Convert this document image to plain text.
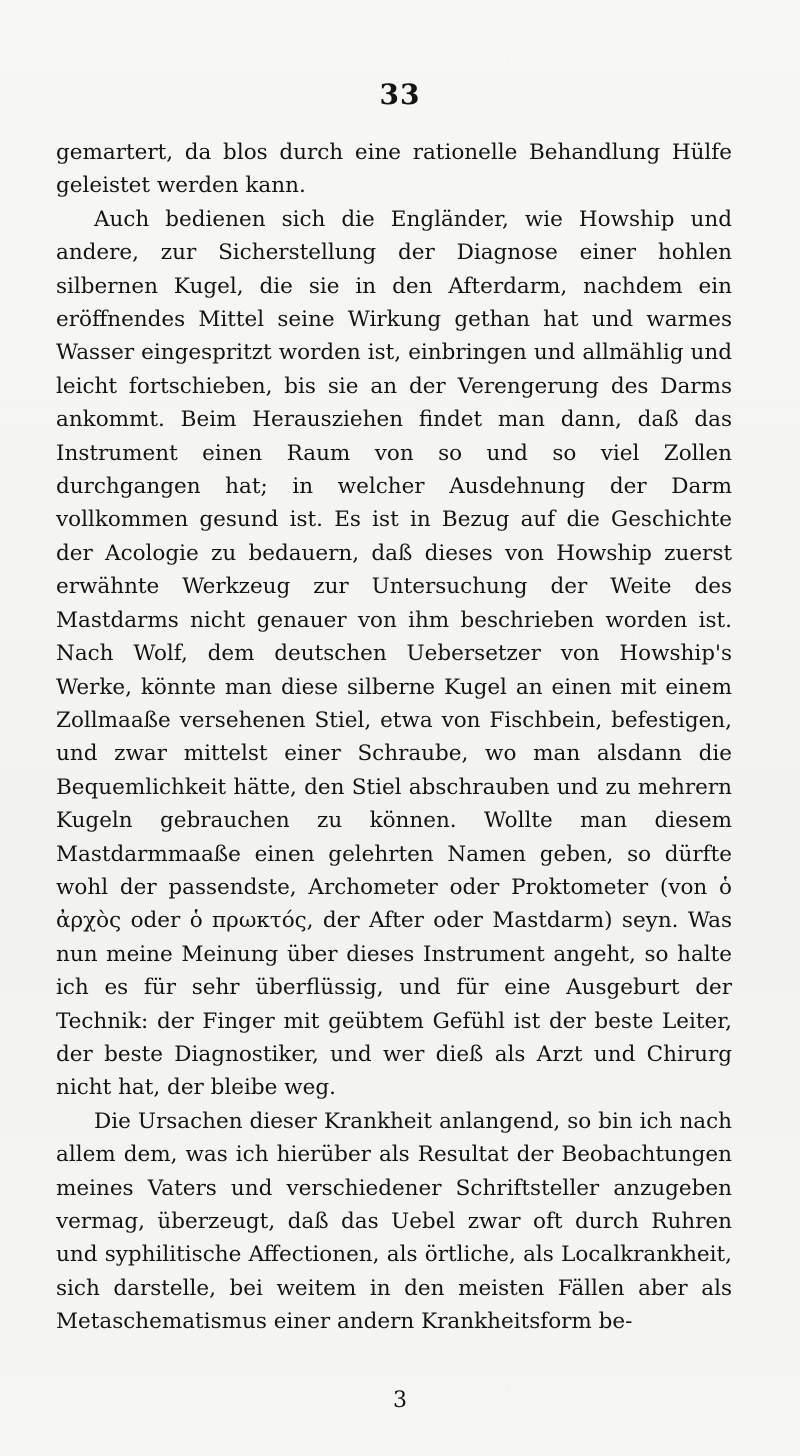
33

gemartert, da blos durch eine rationelle Behandlung Hülfe geleistet werden kann.

Auch bedienen sich die Engländer, wie Howship und andere, zur Sicherstellung der Diagnose einer hohlen silbernen Kugel, die sie in den Afterdarm, nachdem ein eröffnendes Mittel seine Wirkung gethan hat und warmes Wasser eingespritzt worden ist, einbringen und allmählig und leicht fortschieben, bis sie an der Verengerung des Darms ankommt. Beim Herausziehen findet man dann, daß das Instrument einen Raum von so und so viel Zollen durchgangen hat; in welcher Ausdehnung der Darm vollkommen gesund ist. Es ist in Bezug auf die Geschichte der Acologie zu bedauern, daß dieses von Howship zuerst erwähnte Werkzeug zur Untersuchung der Weite des Mastdarms nicht genauer von ihm beschrieben worden ist. Nach Wolf, dem deutschen Uebersetzer von Howship's Werke, könnte man diese silberne Kugel an einen mit einem Zollmaaße versehenen Stiel, etwa von Fischbein, befestigen, und zwar mittelst einer Schraube, wo man alsdann die Bequemlichkeit hätte, den Stiel abschrauben und zu mehrern Kugeln gebrauchen zu können. Wollte man diesem Mastdarmmaaße einen gelehrten Namen geben, so dürfte wohl der passendste, Archometer oder Proktometer (von ὁ ἀρχὸς oder ὁ πρωκτός, der After oder Mastdarm) seyn. Was nun meine Meinung über dieses Instrument angeht, so halte ich es für sehr überflüssig, und für eine Ausgeburt der Technik: der Finger mit geübtem Gefühl ist der beste Leiter, der beste Diagnostiker, und wer dieß als Arzt und Chirurg nicht hat, der bleibe weg.

Die Ursachen dieser Krankheit anlangend, so bin ich nach allem dem, was ich hierüber als Resultat der Beobachtungen meines Vaters und verschiedener Schriftsteller anzugeben vermag, überzeugt, daß das Uebel zwar oft durch Ruhren und syphilitische Affectionen, als örtliche, als Localkrankheit, sich darstelle, bei weitem in den meisten Fällen aber als Metaschematismus einer andern Krankheitsform be-

3
